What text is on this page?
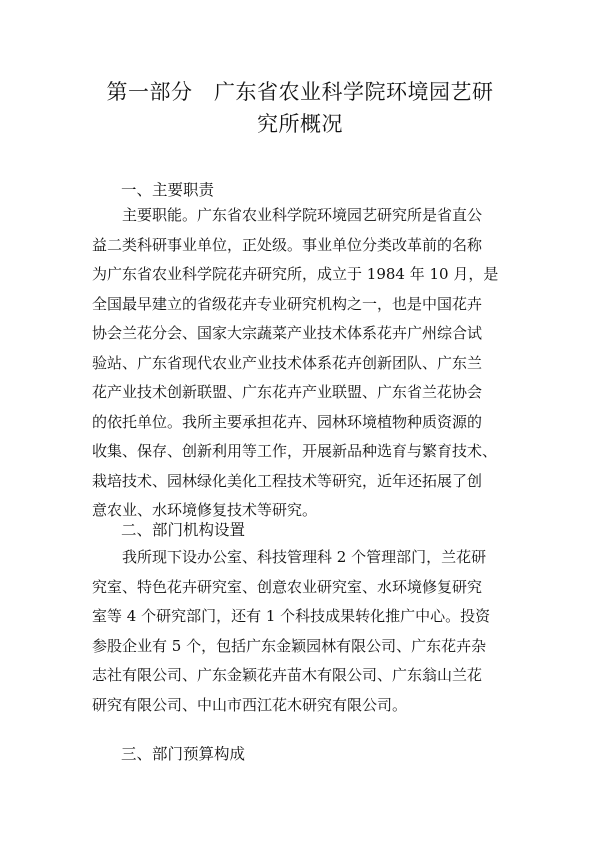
第一部分　广东省农业科学院环境园艺研
究所概况
一、主要职责
　　主要职能。广东省农业科学院环境园艺研究所是省直公
益二类科研事业单位，正处级。事业单位分类改革前的名称
为广东省农业科学院花卉研究所，成立于 1984 年 10 月，是
全国最早建立的省级花卉专业研究机构之一，也是中国花卉
协会兰花分会、国家大宗蔬菜产业技术体系花卉广州综合试
验站、广东省现代农业产业技术体系花卉创新团队、广东兰
花产业技术创新联盟、广东花卉产业联盟、广东省兰花协会
的依托单位。我所主要承担花卉、园林环境植物种质资源的
收集、保存、创新利用等工作，开展新品种选育与繁育技术、
栽培技术、园林绿化美化工程技术等研究，近年还拓展了创
意农业、水环境修复技术等研究。
二、部门机构设置
　　我所现下设办公室、科技管理科 2 个管理部门，兰花研
究室、特色花卉研究室、创意农业研究室、水环境修复研究
室等 4 个研究部门，还有 1 个科技成果转化推广中心。投资
参股企业有 5 个，包括广东金颖园林有限公司、广东花卉杂
志社有限公司、广东金颖花卉苗木有限公司、广东翁山兰花
研究有限公司、中山市西江花木研究有限公司。
三、部门预算构成
